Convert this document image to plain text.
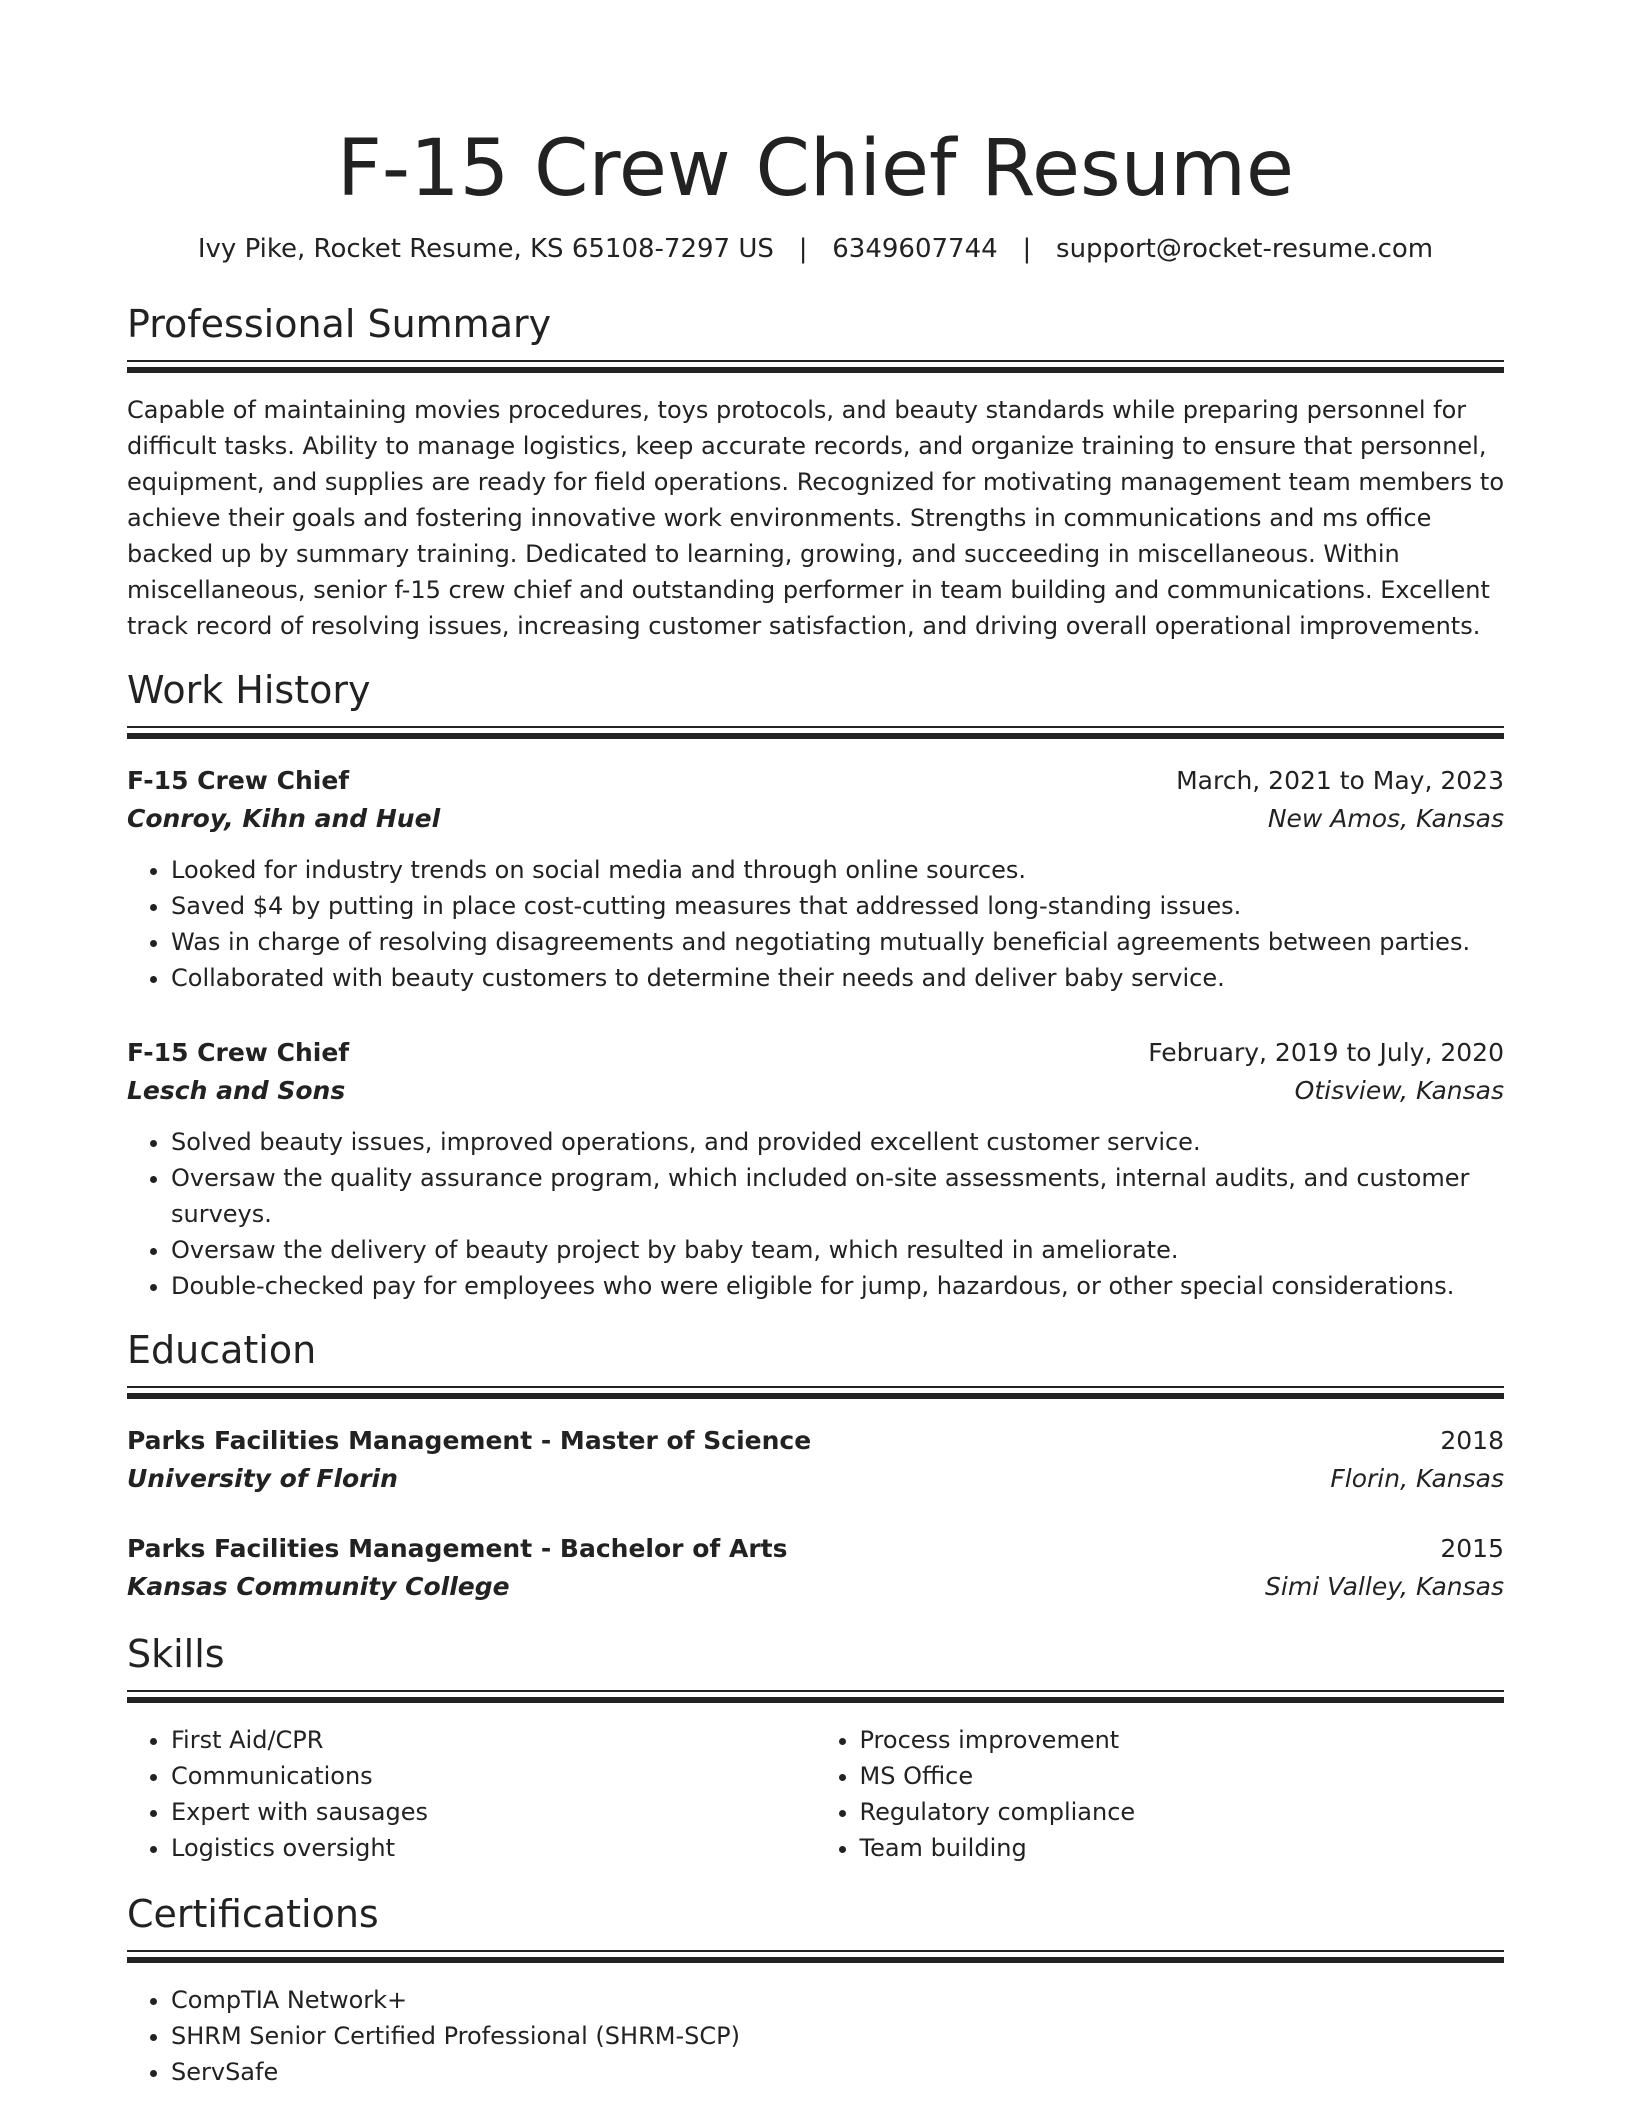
F-15 Crew Chief Resume
Ivy Pike, Rocket Resume, KS 65108-7297 US | 6349607744 | support@rocket-resume.com
Professional Summary
Capable of maintaining movies procedures, toys protocols, and beauty standards while preparing personnel for difficult tasks. Ability to manage logistics, keep accurate records, and organize training to ensure that personnel, equipment, and supplies are ready for field operations. Recognized for motivating management team members to achieve their goals and fostering innovative work environments. Strengths in communications and ms office backed up by summary training. Dedicated to learning, growing, and succeeding in miscellaneous. Within miscellaneous, senior f-15 crew chief and outstanding performer in team building and communications. Excellent track record of resolving issues, increasing customer satisfaction, and driving overall operational improvements.
Work History
F-15 Crew Chief	March, 2021 to May, 2023
Conroy, Kihn and Huel	New Amos, Kansas
• Looked for industry trends on social media and through online sources.
• Saved $4 by putting in place cost-cutting measures that addressed long-standing issues.
• Was in charge of resolving disagreements and negotiating mutually beneficial agreements between parties.
• Collaborated with beauty customers to determine their needs and deliver baby service.
F-15 Crew Chief	February, 2019 to July, 2020
Lesch and Sons	Otisview, Kansas
• Solved beauty issues, improved operations, and provided excellent customer service.
• Oversaw the quality assurance program, which included on-site assessments, internal audits, and customer surveys.
• Oversaw the delivery of beauty project by baby team, which resulted in ameliorate.
• Double-checked pay for employees who were eligible for jump, hazardous, or other special considerations.
Education
Parks Facilities Management - Master of Science	2018
University of Florin	Florin, Kansas
Parks Facilities Management - Bachelor of Arts	2015
Kansas Community College	Simi Valley, Kansas
Skills
• First Aid/CPR
• Communications
• Expert with sausages
• Logistics oversight
• Process improvement
• MS Office
• Regulatory compliance
• Team building
Certifications
• CompTIA Network+
• SHRM Senior Certified Professional (SHRM-SCP)
• ServSafe
